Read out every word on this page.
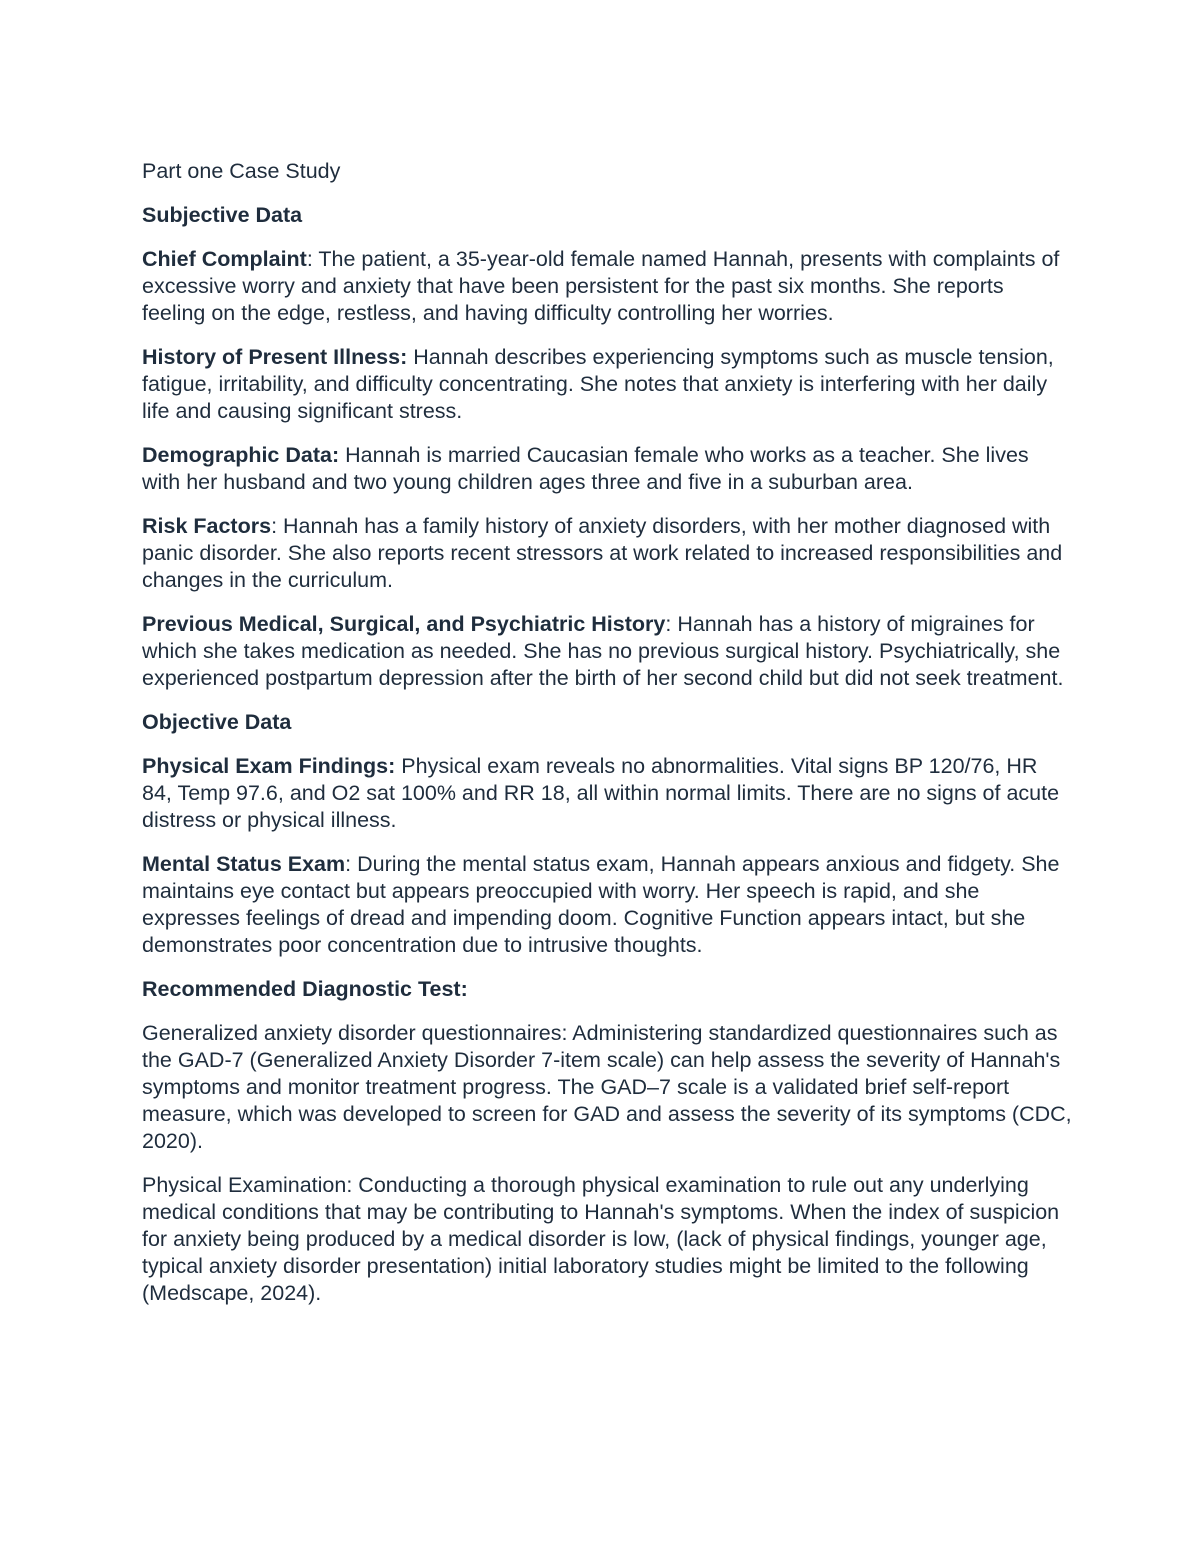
Part one Case Study
Subjective Data

Chief Complaint: The patient, a 35-year-old female named Hannah, presents with complaints of excessive worry and anxiety that have been persistent for the past six months. She reports feeling on the edge, restless, and having difficulty controlling her worries.

History of Present Illness: Hannah describes experiencing symptoms such as muscle tension, fatigue, irritability, and difficulty concentrating. She notes that anxiety is interfering with her daily life and causing significant stress.

Demographic Data: Hannah is married Caucasian female who works as a teacher. She lives with her husband and two young children ages three and five in a suburban area.

Risk Factors: Hannah has a family history of anxiety disorders, with her mother diagnosed with panic disorder. She also reports recent stressors at work related to increased responsibilities and changes in the curriculum.

Previous Medical, Surgical, and Psychiatric History: Hannah has a history of migraines for which she takes medication as needed. She has no previous surgical history. Psychiatrically, she experienced postpartum depression after the birth of her second child but did not seek treatment.

Objective Data

Physical Exam Findings: Physical exam reveals no abnormalities. Vital signs BP 120/76, HR 84, Temp 97.6, and O2 sat 100% and RR 18, all within normal limits. There are no signs of acute distress or physical illness.

Mental Status Exam: During the mental status exam, Hannah appears anxious and fidgety. She maintains eye contact but appears preoccupied with worry. Her speech is rapid, and she expresses feelings of dread and impending doom. Cognitive Function appears intact, but she demonstrates poor concentration due to intrusive thoughts.

Recommended Diagnostic Test:

Generalized anxiety disorder questionnaires: Administering standardized questionnaires such as the GAD-7 (Generalized Anxiety Disorder 7-item scale) can help assess the severity of Hannah's symptoms and monitor treatment progress. The GAD–7 scale is a validated brief self-report measure, which was developed to screen for GAD and assess the severity of its symptoms (CDC, 2020).

Physical Examination: Conducting a thorough physical examination to rule out any underlying medical conditions that may be contributing to Hannah's symptoms. When the index of suspicion for anxiety being produced by a medical disorder is low, (lack of physical findings, younger age, typical anxiety disorder presentation) initial laboratory studies might be limited to the following (Medscape, 2024).
